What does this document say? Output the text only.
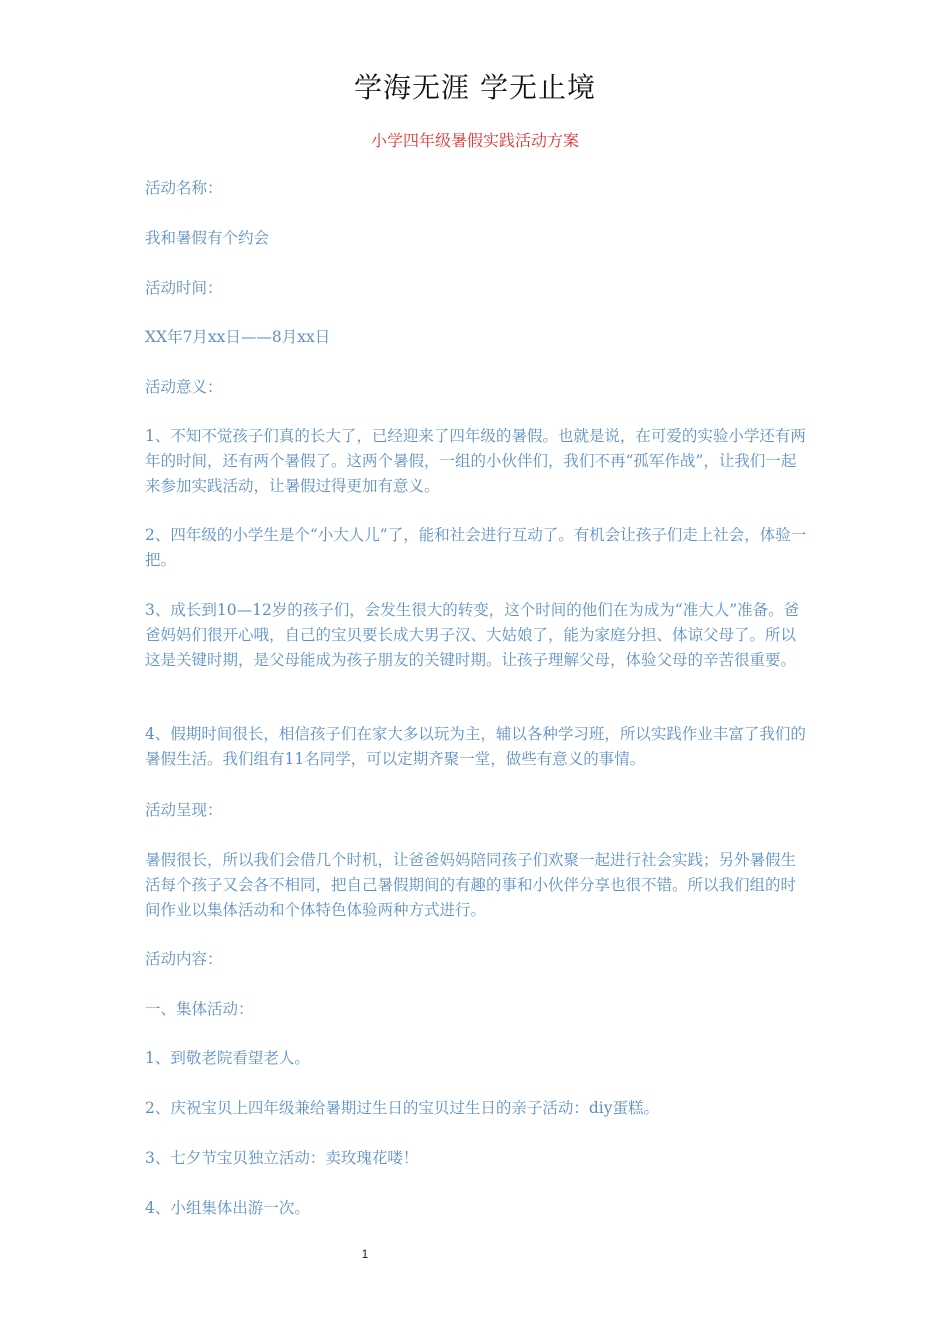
学海无涯 学无止境
小学四年级暑假实践活动方案

活动名称：

我和暑假有个约会

活动时间：

XX年7月xx日——8月xx日

活动意义：

1、不知不觉孩子们真的长大了，已经迎来了四年级的暑假。也就是说，在可爱的实验小学还有两年的时间，还有两个暑假了。这两个暑假，一组的小伙伴们，我们不再“孤军作战”，让我们一起来参加实践活动，让暑假过得更加有意义。

2、四年级的小学生是个“小大人儿”了，能和社会进行互动了。有机会让孩子们走上社会，体验一把。

3、成长到10—12岁的孩子们，会发生很大的转变，这个时间的他们在为成为“准大人”准备。爸爸妈妈们很开心哦，自己的宝贝要长成大男子汉、大姑娘了，能为家庭分担、体谅父母了。所以这是关键时期，是父母能成为孩子朋友的关键时期。让孩子理解父母，体验父母的辛苦很重要。

4、假期时间很长，相信孩子们在家大多以玩为主，辅以各种学习班，所以实践作业丰富了我们的暑假生活。我们组有11名同学，可以定期齐聚一堂，做些有意义的事情。

活动呈现：

暑假很长，所以我们会借几个时机，让爸爸妈妈陪同孩子们欢聚一起进行社会实践；另外暑假生活每个孩子又会各不相同，把自己暑假期间的有趣的事和小伙伴分享也很不错。所以我们组的时间作业以集体活动和个体特色体验两种方式进行。

活动内容：

一、集体活动：

1、到敬老院看望老人。

2、庆祝宝贝上四年级兼给暑期过生日的宝贝过生日的亲子活动：diy蛋糕。

3、七夕节宝贝独立活动：卖玫瑰花喽！

4、小组集体出游一次。

1
